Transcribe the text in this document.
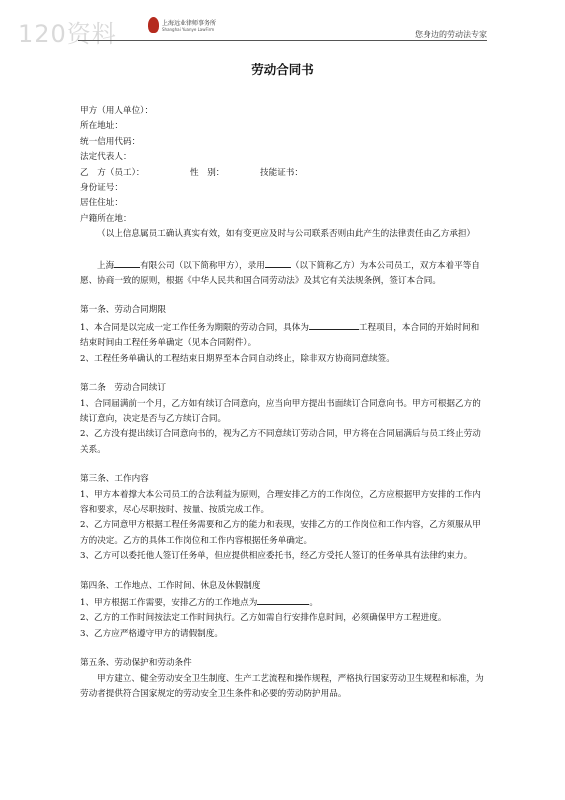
120资料	上海远业律师事务所
Shanghai Yuanye LawFirm
您身边的劳动法专家
劳动合同书

甲方（用人单位）：

所在地址：

统一信用代码：

法定代表人：

乙　方（员工）：	性　别：	技能证书：

身份证号：

居住住址：

户籍所在地：

（以上信息属员工确认真实有效，如有变更应及时与公司联系否则由此产生的法律责任由乙方承担）

上海	有限公司（以下简称甲方），录用	（以下简称乙方）为本公司员工，双方本着平等自愿、协商一致的原则，根据《中华人民共和国合同劳动法》及其它有关法规条例，签订本合同。

第一条、劳动合同期限

1、本合同是以完成一定工作任务为期限的劳动合同，具体为	工程项目，本合同的开始时间和结束时间由工程任务单确定（见本合同附件）。

2、工程任务单确认的工程结束日期界至本合同自动终止，除非双方协商同意续签。

第二条　劳动合同续订

1、合同届满前一个月，乙方如有续订合同意向，应当向甲方提出书面续订合同意向书。甲方可根据乙方的续订意向，决定是否与乙方续订合同。

2、乙方没有提出续订合同意向书的，视为乙方不同意续订劳动合同，甲方将在合同届满后与员工终止劳动关系。

第三条、工作内容

1、甲方本着撑大本公司员工的合法利益为原则，合理安排乙方的工作岗位，乙方应根据甲方安排的工作内容和要求，尽心尽职按时、按量、按质完成工作。

2、乙方同意甲方根据工程任务需要和乙方的能力和表现，安排乙方的工作岗位和工作内容，乙方须服从甲方的决定。乙方的具体工作岗位和工作内容根据任务单确定。

3、乙方可以委托他人签订任务单，但应提供相应委托书，经乙方受托人签订的任务单具有法律约束力。

第四条、工作地点、工作时间、休息及休假制度

1、甲方根据工作需要，安排乙方的工作地点为	。

2、乙方的工作时间按法定工作时间执行。乙方如需自行安排作息时间，必须确保甲方工程进度。

3、乙方应严格遵守甲方的请假制度。

第五条、劳动保护和劳动条件

甲方建立、健全劳动安全卫生制度、生产工艺流程和操作规程，严格执行国家劳动卫生规程和标准，为劳动者提供符合国家规定的劳动安全卫生条件和必要的劳动防护用品。
